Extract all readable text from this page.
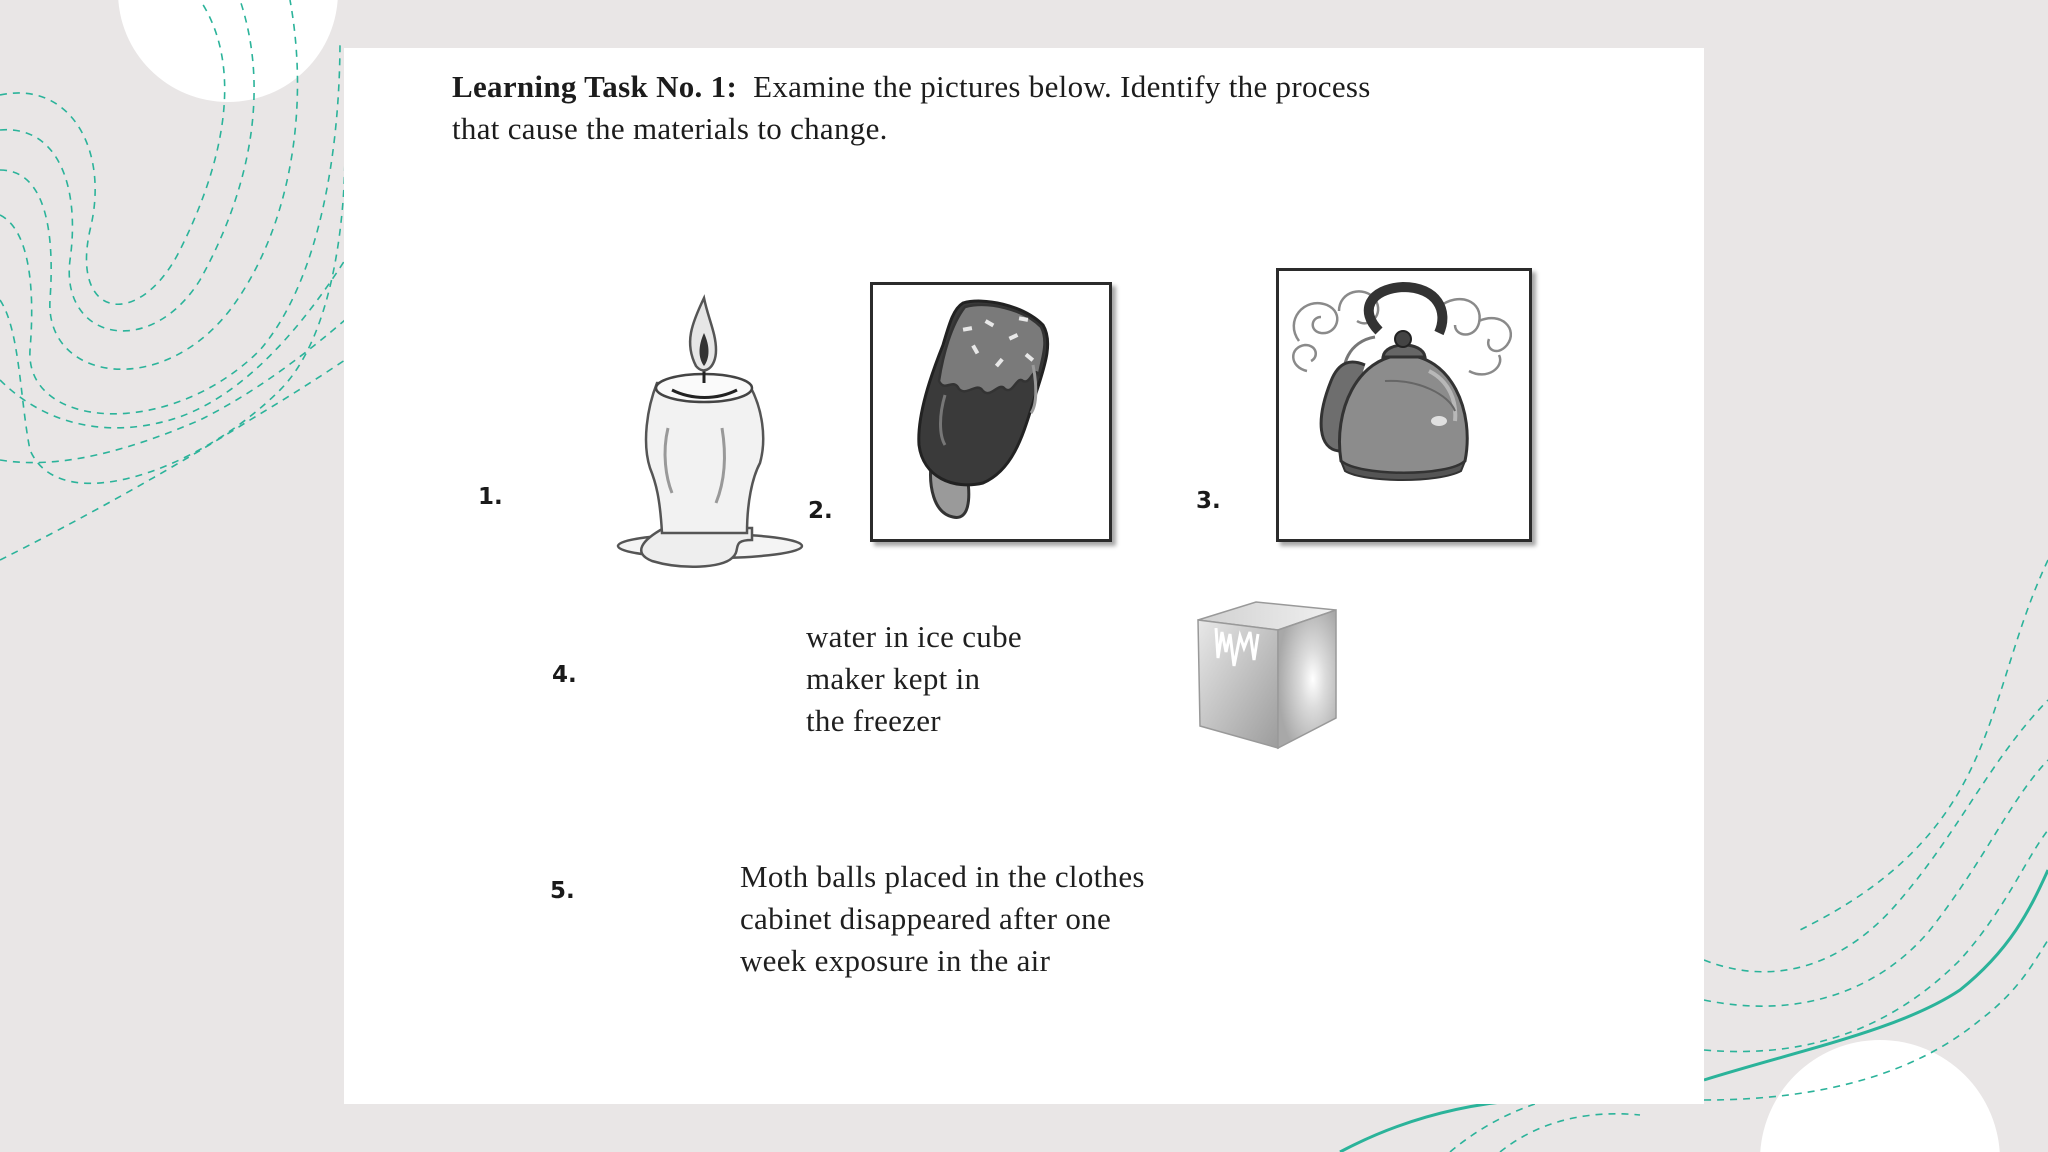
Learning Task No. 1: Examine the pictures below. Identify the process
that cause the materials to change.
1.
2.	3.
4.
water in ice cube
maker kept in
the freezer
5.	Moth balls placed in the clothes
cabinet disappeared after one
week exposure in the air
